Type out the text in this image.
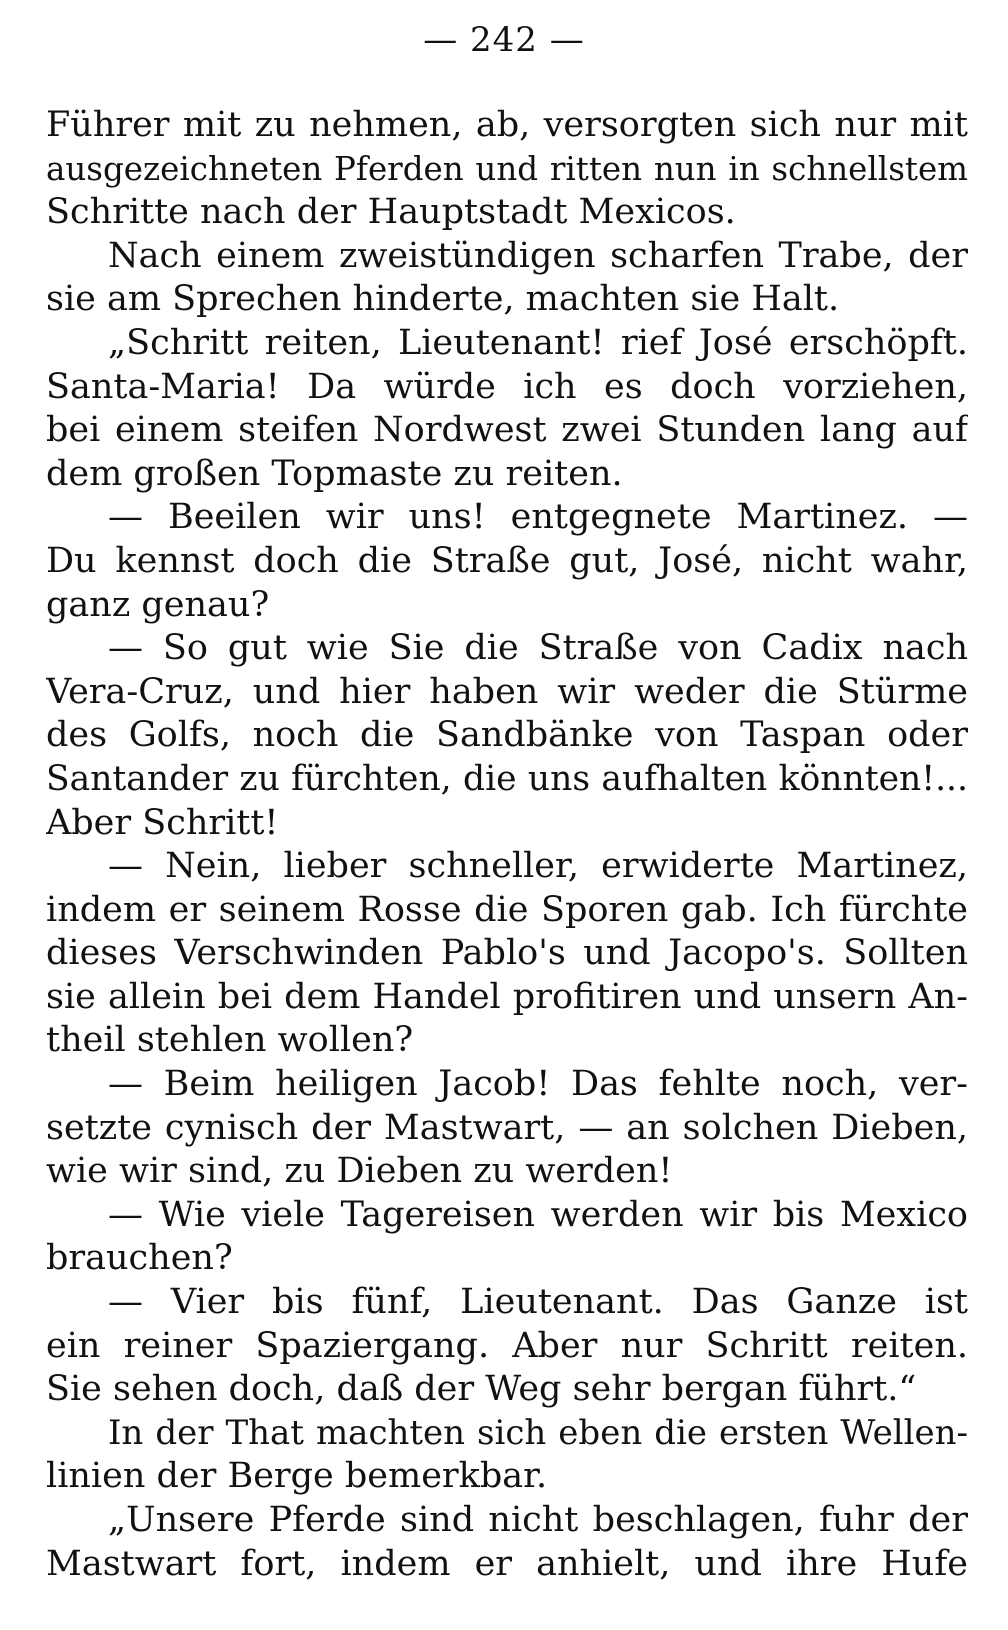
— 242 —
Führer mit zu nehmen, ab, versorgten sich nur mit
ausgezeichneten Pferden und ritten nun in schnellstem
Schritte nach der Hauptstadt Mexicos.
Nach einem zweistündigen scharfen Trabe, der
sie am Sprechen hinderte, machten sie Halt.
„Schritt reiten, Lieutenant! rief José erschöpft.
Santa-Maria! Da würde ich es doch vorziehen,
bei einem steifen Nordwest zwei Stunden lang auf
dem großen Topmaste zu reiten.
— Beeilen wir uns! entgegnete Martinez. —
Du kennst doch die Straße gut, José, nicht wahr,
ganz genau?
— So gut wie Sie die Straße von Cadix nach
Vera-Cruz, und hier haben wir weder die Stürme
des Golfs, noch die Sandbänke von Taspan oder
Santander zu fürchten, die uns aufhalten könnten!...
Aber Schritt!
— Nein, lieber schneller, erwiderte Martinez,
indem er seinem Rosse die Sporen gab. Ich fürchte
dieses Verschwinden Pablo's und Jacopo's. Sollten
sie allein bei dem Handel profitiren und unsern An-
theil stehlen wollen?
— Beim heiligen Jacob! Das fehlte noch, ver-
setzte cynisch der Mastwart, — an solchen Dieben,
wie wir sind, zu Dieben zu werden!
— Wie viele Tagereisen werden wir bis Mexico
brauchen?
— Vier bis fünf, Lieutenant. Das Ganze ist
ein reiner Spaziergang. Aber nur Schritt reiten.
Sie sehen doch, daß der Weg sehr bergan führt.“
In der That machten sich eben die ersten Wellen-
linien der Berge bemerkbar.
„Unsere Pferde sind nicht beschlagen, fuhr der
Mastwart fort, indem er anhielt, und ihre Hufe
